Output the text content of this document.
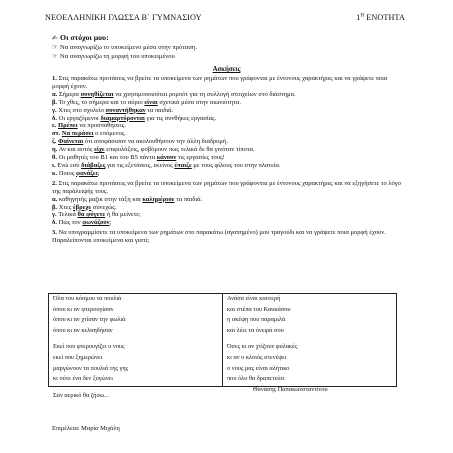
ΝΕΟΕΛΛΗΝΙΚΗ ΓΛΩΣΣΑ Β΄ ΓΥΜΝΑΣΙΟΥ	$1^H$ ΕΝΟΤΗΤΑ
✍ Οι στόχοι μου:
☞ Να αναγνωρίζω το υποκείμενο μέσα στην πρόταση.
☞ Να αναγνωρίζω τη μορφή του υποκειμένου
Ασκήσεις

1. Στις παρακάτω προτάσεις να βρείτε τα υποκείμενα των ρημάτων που γράφονται με έντονους χαρακτήρες και να γράψετε ποια μορφή έχουν.

α. Σήμερα συνηθίζεται να χρησιμοποιούται ρομπότ για τη συλλογή στοιχείων στο διάστημα.

β. Το χθες, το σήμερα και το αύριο είναι σχετικά μέσα στην αιωνιότητα.

γ. Χτες στο σχολείο συναντήθηκαν τα παιδιά.

δ. Οι εργαζόμενοι διαμαρτύρονται για τις συνθήκες εργασίας.

ε. Πρέπει να προσπαθήσεις.

στ. Να περάσει ο επόμενος.

ζ. Φαίνεται ότι αποφάσισαν να ακολουθήσουν την άλλη διαδρομή.

η. Αν και αυτός είχε επιφυλάξεις, φοβόμουν πως τελικά δε θα γινόταν τίποτα.

θ. Οι μαθητές του Β1 και του Β5 πάντα κάνουν τις εργασίες τους!

ι. Ενώ εσύ διάβαζες για τις εξετάσεις, εκείνος έπαιζε με τους φίλους του στην πλατεία.

κ. Ποιος φανάζει;

2. Στις παρακάτω προτάσεις να βρείτε τα υποκείμενα των ρημάτων που γράφονται με έντονους χαρακτήρες και να εξηγήσετε το λόγο της παράλειψής τους.

α. καθηγητής μαζικ στην τάξη και καλημέρισε τα παιδιά.

β. Χτες έβρεχε συνεχώς.

γ. Τελικά θα φύγετε ή θα μείνετε;

δ. Πώς τον φωνάζουν;

3. Να υπογραμμίσετε τα υποκείμενα των ρημάτων στο παρακάτω (αγαπημένο) μου τραγούδι και να γράψετε ποια μορφή έχουν. Παραλείπονται υποκείμενα και γιατί;

Όλα του κόσμου τα πουλιά
όπου κι αν φτερουγίσαν
όπου κι αν χτίσαν την φωλιά
όπου κι αν κελαηδήσαν
Εκεί που φτερουγίζει ο νους
εκεί που ξημερώνει
μαργώνουν τα πουλιά της γης
κι ούτε ένα δεν ξυγώνει
Σαν αερικό θα ζήσω...
Ανάσα είναι καυτερή
και στέπα του Καυκάσου
η σκέψη που παραμιλά
και λέει τα όνειρά σου
Όσες κι αν χτίζουν φυλακές
κι αν ο κλοιός στενέψει
ο νους μας είναι αλήτικο
που όλο θα δραπετεύει
Θανάσης Παπακωνσταντίνου
Επιμέλεια: Μαρία Μιχάλη
